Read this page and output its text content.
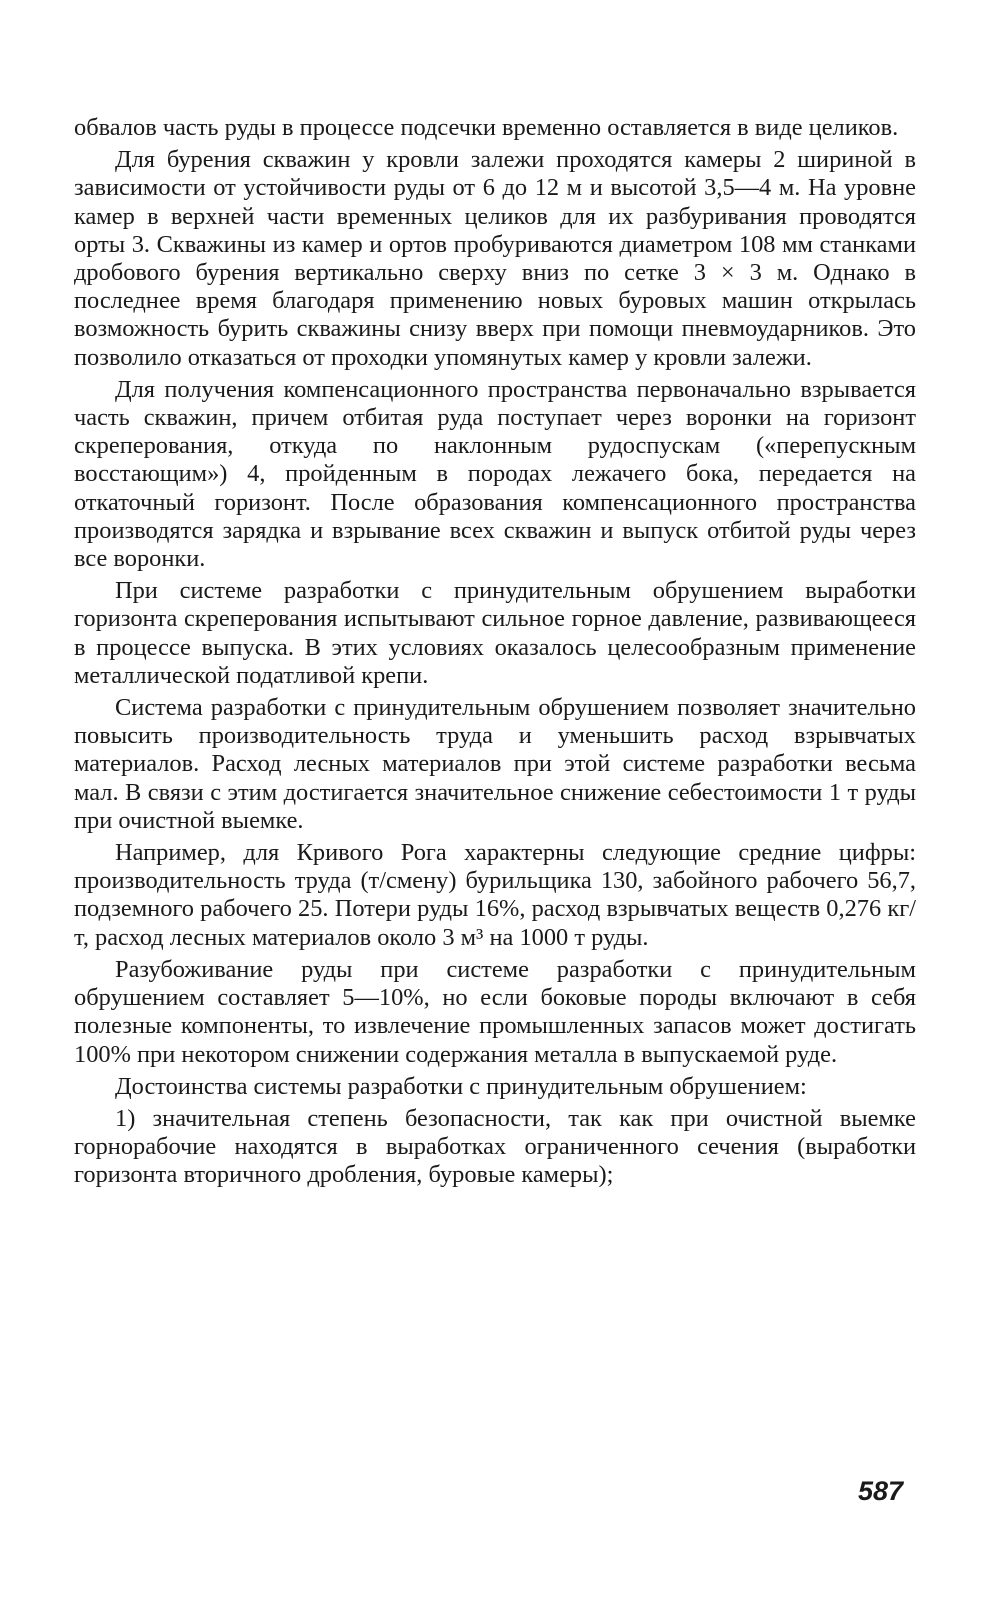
обвалов часть руды в процессе подсечки временно оставляется в виде целиков.

Для бурения скважин у кровли залежи проходятся камеры 2 шириной в зависимости от устойчивости руды от 6 до 12 м и высотой 3,5—4 м. На уровне камер в верхней части временных целиков для их разбуривания проводятся орты 3. Скважины из камер и ортов пробуриваются диаметром 108 мм станками дробового бурения вертикально сверху вниз по сетке 3 × 3 м. Однако в последнее время благодаря применению новых буровых машин открылась возможность бурить скважины снизу вверх при помощи пневмоударников. Это позволило отказаться от проходки упомянутых камер у кровли залежи.

Для получения компенсационного пространства первоначально взрывается часть скважин, причем отбитая руда поступает через воронки на горизонт скреперования, откуда по наклонным рудоспускам («перепускным восстающим») 4, пройденным в породах лежачего бока, передается на откаточный горизонт. После образования компенсационного пространства производятся зарядка и взрывание всех скважин и выпуск отбитой руды через все воронки.

При системе разработки с принудительным обрушением выработки горизонта скреперования испытывают сильное горное давление, развивающееся в процессе выпуска. В этих условиях оказалось целесообразным применение металлической податливой крепи.

Система разработки с принудительным обрушением позволяет значительно повысить производительность труда и уменьшить расход взрывчатых материалов. Расход лесных материалов при этой системе разработки весьма мал. В связи с этим достигается значительное снижение себестоимости 1 т руды при очистной выемке.

Например, для Кривого Рога характерны следующие средние цифры: производительность труда (т/смену) бурильщика 130, забойного рабочего 56,7, подземного рабочего 25. Потери руды 16%, расход взрывчатых веществ 0,276 кг/т, расход лесных материалов около 3 м³ на 1000 т руды.

Разубоживание руды при системе разработки с принудительным обрушением составляет 5—10%, но если боковые породы включают в себя полезные компоненты, то извлечение промышленных запасов может достигать 100% при некотором снижении содержания металла в выпускаемой руде.

Достоинства системы разработки с принудительным обрушением:

1) значительная степень безопасности, так как при очистной выемке горнорабочие находятся в выработках ограниченного сечения (выработки горизонта вторичного дробления, буровые камеры);

587
